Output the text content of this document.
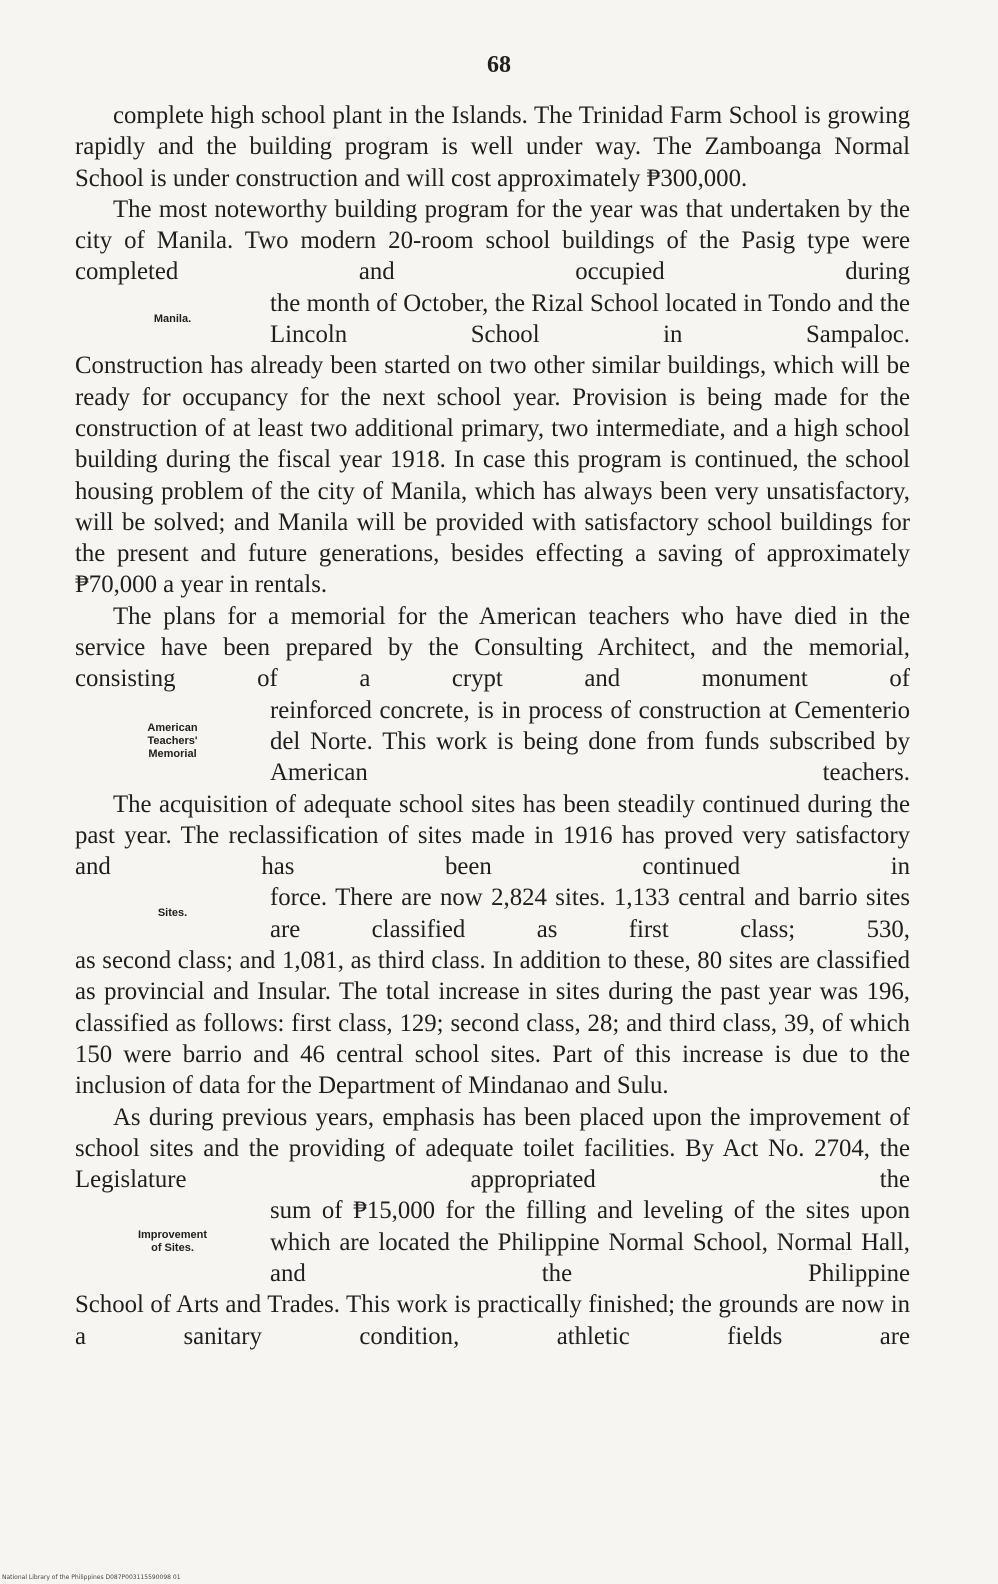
68

complete high school plant in the Islands. The Trinidad Farm School is growing rapidly and the building program is well under way. The Zamboanga Normal School is under construction and will cost approximately ₱300,000.

The most noteworthy building program for the year was that undertaken by the city of Manila. Two modern 20-room school buildings of the Pasig type were completed and occupied during

Manila.
the month of October, the Rizal School located in Tondo and the Lincoln School in Sampaloc.

Construction has already been started on two other similar buildings, which will be ready for occupancy for the next school year. Provision is being made for the construction of at least two additional primary, two intermediate, and a high school building during the fiscal year 1918. In case this program is continued, the school housing problem of the city of Manila, which has always been very unsatisfactory, will be solved; and Manila will be provided with satisfactory school buildings for the present and future generations, besides effecting a saving of approximately ₱70,000 a year in rentals.

The plans for a memorial for the American teachers who have died in the service have been prepared by the Consulting Architect, and the memorial, consisting of a crypt and monument of

American
Teachers'
Memorial
reinforced concrete, is in process of construction at Cementerio del Norte. This work is being done from funds subscribed by American teachers.

The acquisition of adequate school sites has been steadily continued during the past year. The reclassification of sites made in 1916 has proved very satisfactory and has been continued in

Sites.
force. There are now 2,824 sites. 1,133 central and barrio sites are classified as first class; 530,

as second class; and 1,081, as third class. In addition to these, 80 sites are classified as provincial and Insular. The total increase in sites during the past year was 196, classified as follows: first class, 129; second class, 28; and third class, 39, of which 150 were barrio and 46 central school sites. Part of this increase is due to the inclusion of data for the Department of Mindanao and Sulu.

As during previous years, emphasis has been placed upon the improvement of school sites and the providing of adequate toilet facilities. By Act No. 2704, the Legislature appropriated the

Improvement
of Sites.
sum of ₱15,000 for the filling and leveling of the sites upon which are located the Philippine Normal School, Normal Hall, and the Philippine

School of Arts and Trades. This work is practically finished; the grounds are now in a sanitary condition, athletic fields are

National Library of the Philippines D087P003115590098 01
